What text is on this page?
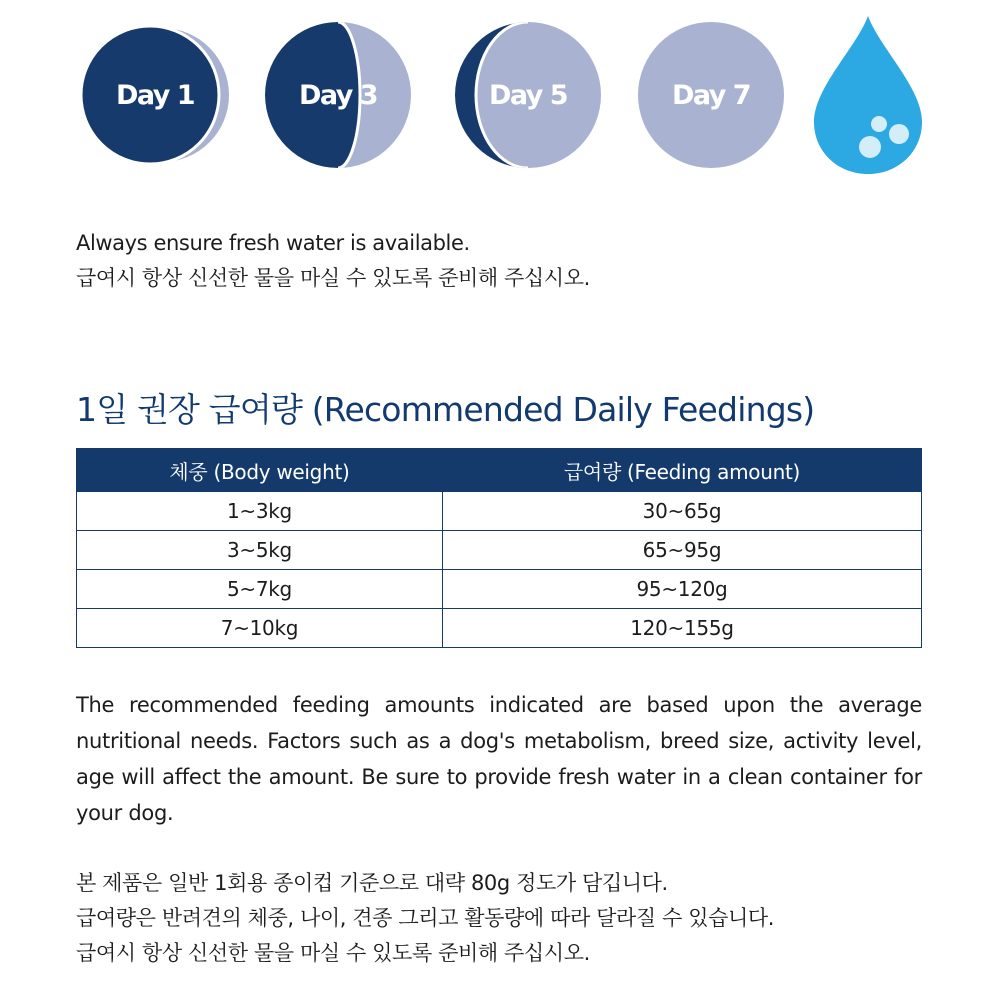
Day 1	Day 3	Day 5	Day 7
Always ensure fresh water is available.
급여시 항상 신선한 물을 마실 수 있도록 준비해 주십시오.
1일 권장 급여량 (Recommended Daily Feedings)
체중 (Body weight)	급여량 (Feeding amount)
1~3kg	30~65g
3~5kg	65~95g
5~7kg	95~120g
7~10kg	120~155g
The recommended feeding amounts indicated are based upon the average nutritional needs. Factors such as a dog's metabolism, breed size, activity level, age will affect the amount. Be sure to provide fresh water in a clean container for your dog.
본 제품은 일반 1회용 종이컵 기준으로 대략 80g 정도가 담깁니다.
급여량은 반려견의 체중, 나이, 견종 그리고 활동량에 따라 달라질 수 있습니다.
급여시 항상 신선한 물을 마실 수 있도록 준비해 주십시오.
